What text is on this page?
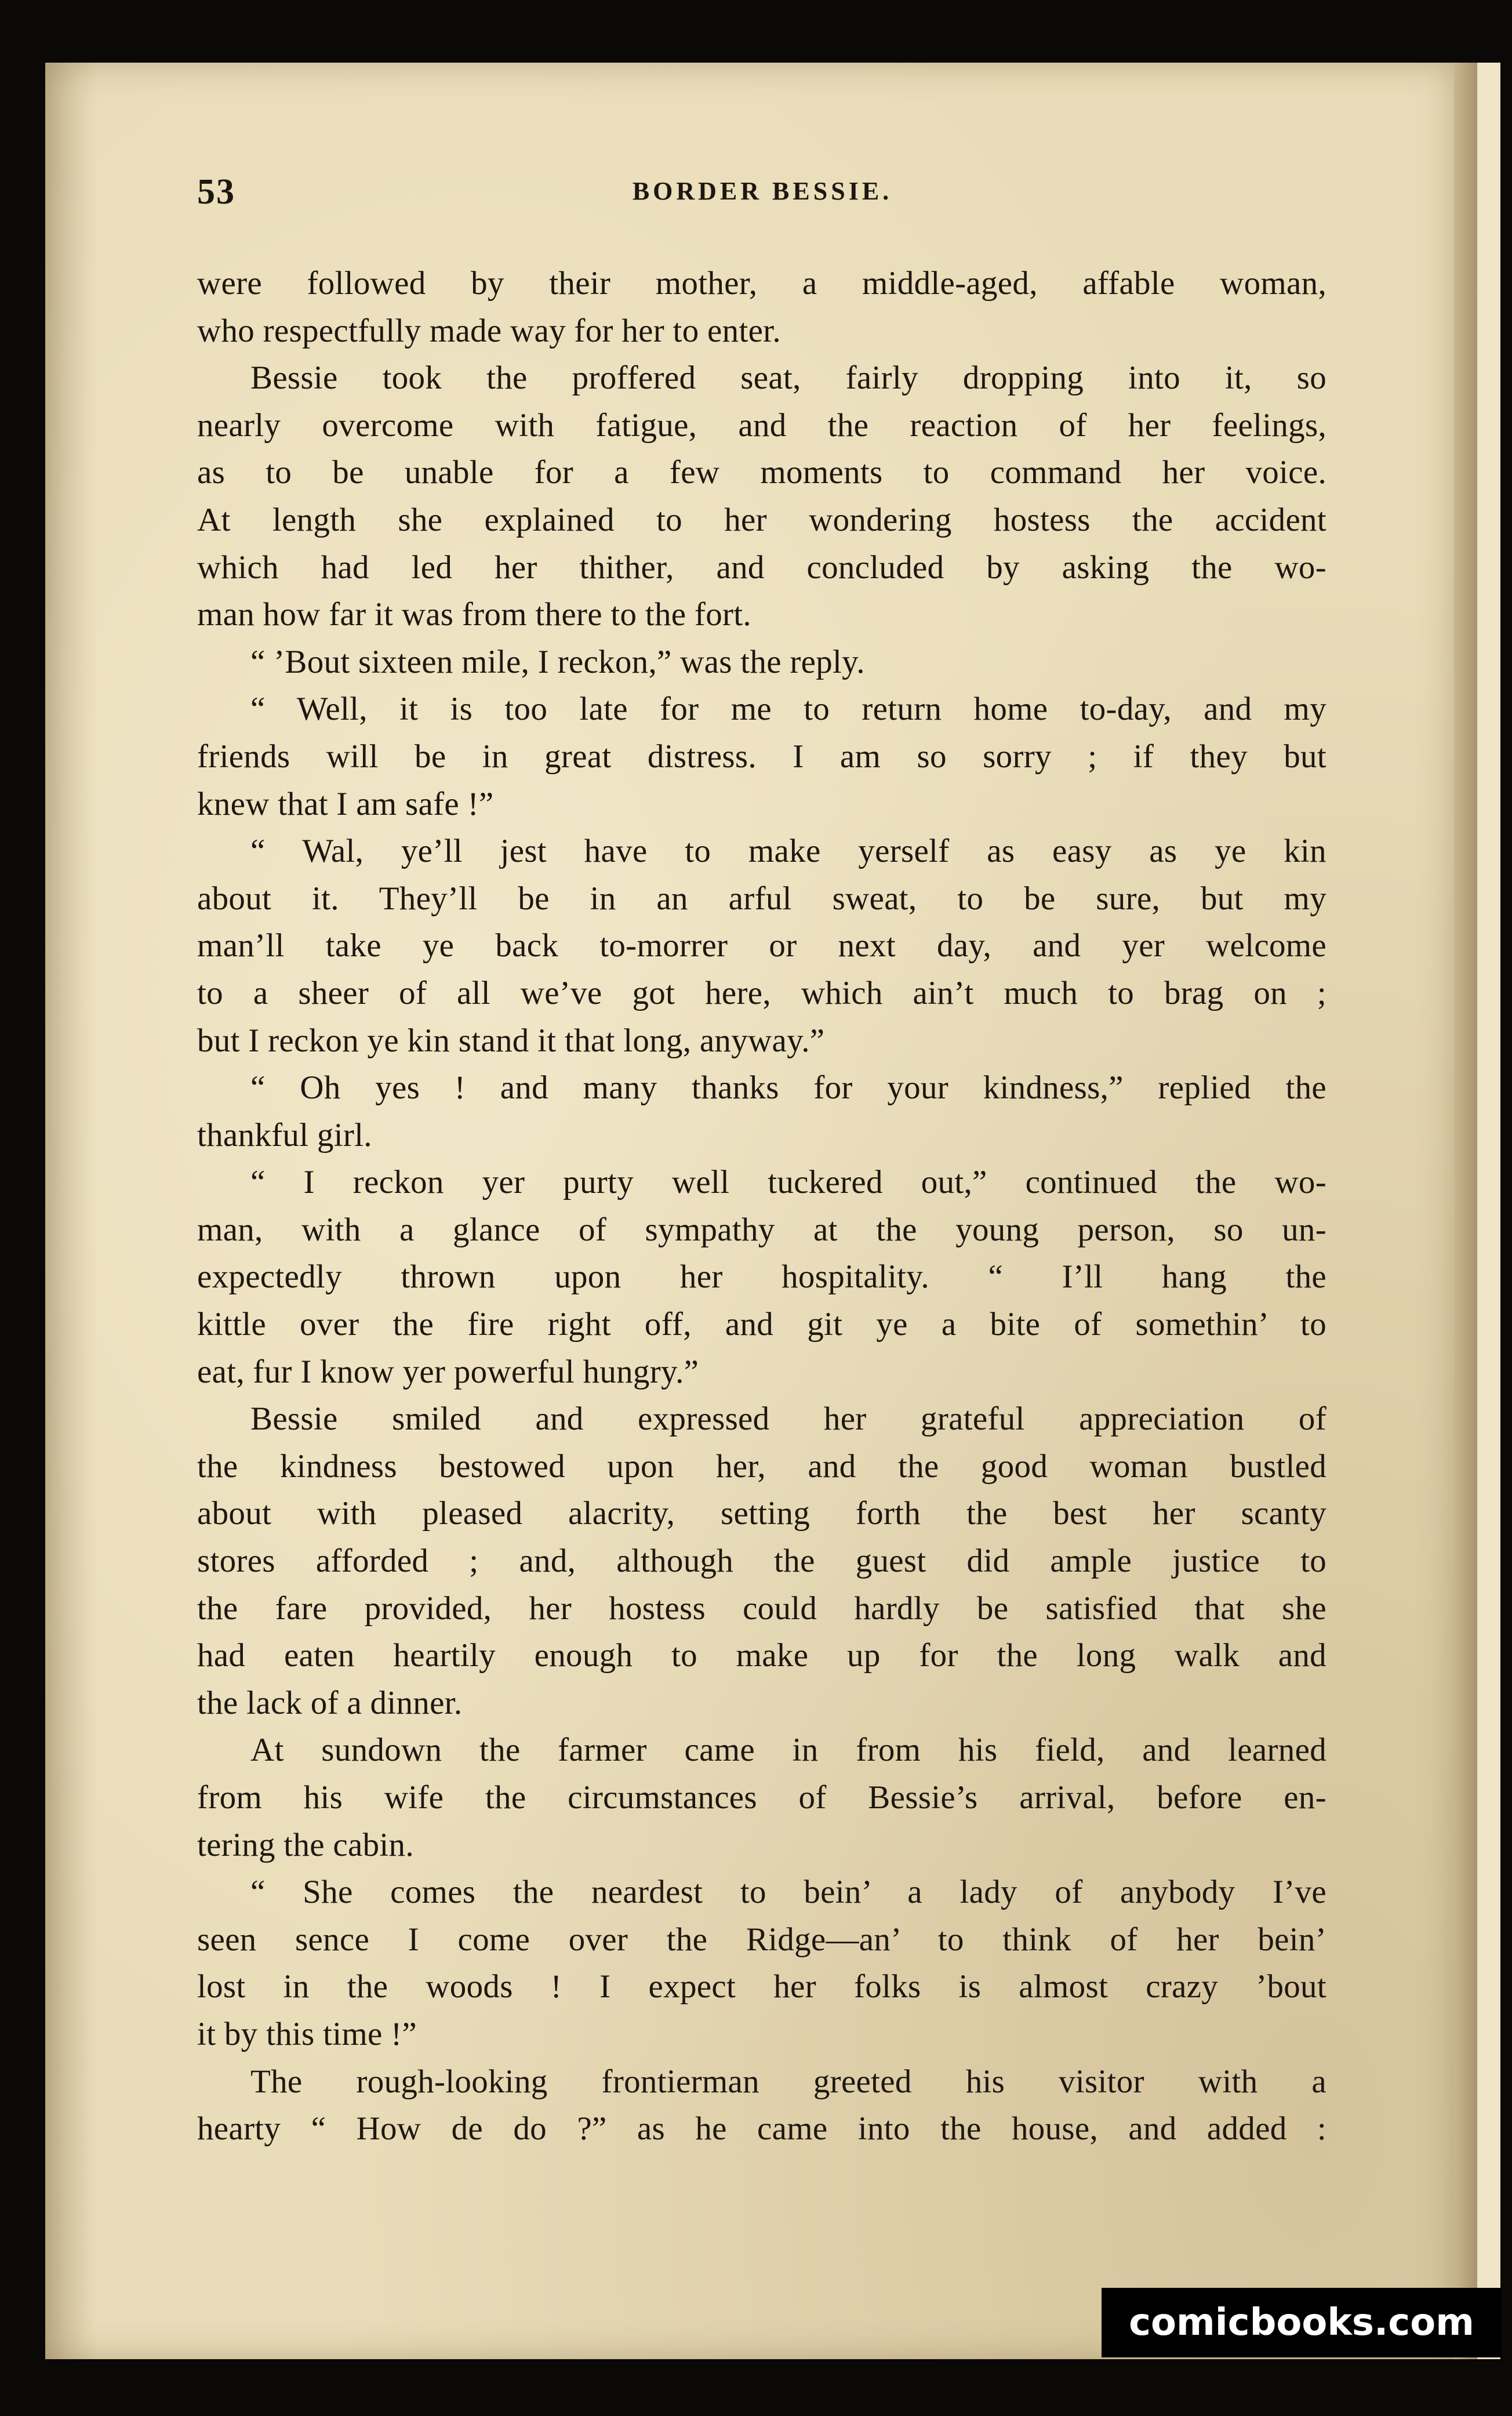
53	BORDER BESSIE.
were followed by their mother, a middle-aged, affable woman,
who respectfully made way for her to enter.
Bessie took the proffered seat, fairly dropping into it, so
nearly overcome with fatigue, and the reaction of her feelings,
as to be unable for a few moments to command her voice.
At length she explained to her wondering hostess the accident
which had led her thither, and concluded by asking the wo-
man how far it was from there to the fort.
“ ’Bout sixteen mile, I reckon,” was the reply.
“ Well, it is too late for me to return home to-day, and my
friends will be in great distress. I am so sorry ; if they but
knew that I am safe !”
“ Wal, ye’ll jest have to make yerself as easy as ye kin
about it. They’ll be in an arful sweat, to be sure, but my
man’ll take ye back to-morrer or next day, and yer welcome
to a sheer of all we’ve got here, which ain’t much to brag on ;
but I reckon ye kin stand it that long, anyway.”
“ Oh yes ! and many thanks for your kindness,” replied the
thankful girl.
“ I reckon yer purty well tuckered out,” continued the wo-
man, with a glance of sympathy at the young person, so un-
expectedly thrown upon her hospitality. “ I’ll hang the
kittle over the fire right off, and git ye a bite of somethin’ to
eat, fur I know yer powerful hungry.”
Bessie smiled and expressed her grateful appreciation of
the kindness bestowed upon her, and the good woman bustled
about with pleased alacrity, setting forth the best her scanty
stores afforded ; and, although the guest did ample justice to
the fare provided, her hostess could hardly be satisfied that she
had eaten heartily enough to make up for the long walk and
the lack of a dinner.
At sundown the farmer came in from his field, and learned
from his wife the circumstances of Bessie’s arrival, before en-
tering the cabin.
“ She comes the neardest to bein’ a lady of anybody I’ve
seen sence I come over the Ridge—an’ to think of her bein’
lost in the woods ! I expect her folks is almost crazy ’bout
it by this time !”
The rough-looking frontierman greeted his visitor with a
hearty “ How de do ?” as he came into the house, and added :
comicbooks.com
